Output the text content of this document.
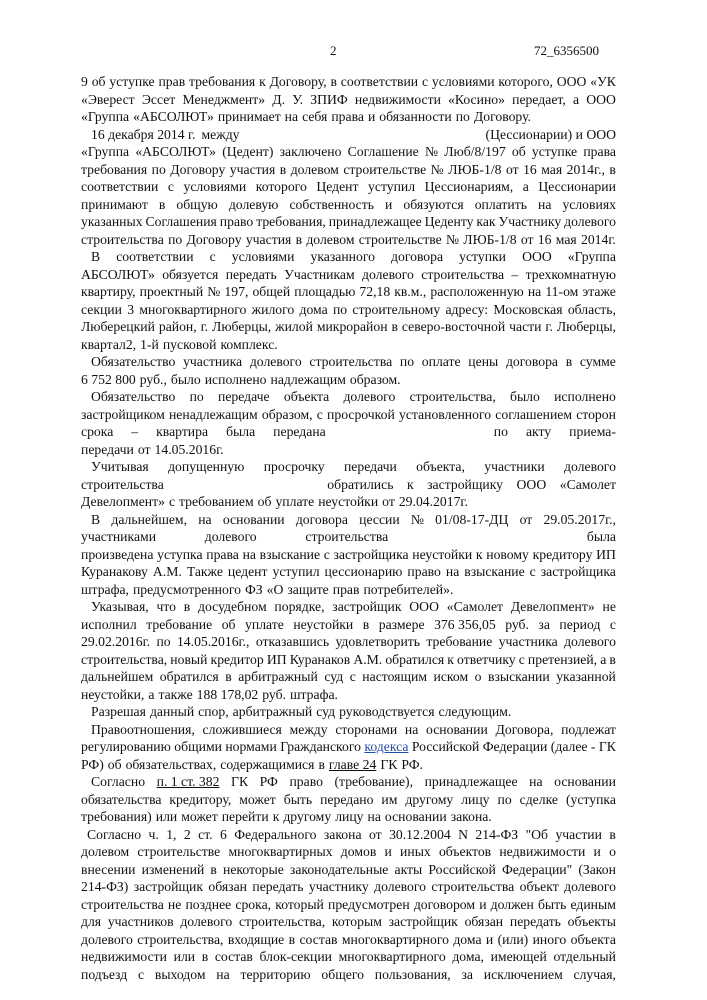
2	72_6356500
9 об уступке прав требования к Договору, в соответствии с условиями которого, ООО «УК
«Эверест Эссет Менеджмент» Д. У. ЗПИФ недвижимости «Косино» передает, а ООО
«Группа «АБСОЛЮТ» принимает на себя права и обязанности по Договору.
16 декабря 2014 г. между	(Цессионарии) и ООО
«Группа «АБСОЛЮТ» (Цедент) заключено Соглашение № Люб/8/197 об уступке права
требования по Договору участия в долевом строительстве № ЛЮБ-1/8 от 16 мая 2014г., в
соответствии с условиями которого Цедент уступил Цессионариям, а Цессионарии
принимают в общую долевую собственность и обязуются оплатить на условиях
указанных Соглашения право требования, принадлежащее Цеденту как Участнику долевого
строительства по Договору участия в долевом строительстве № ЛЮБ-1/8 от 16 мая 2014г.
В соответствии с условиями указанного договора уступки ООО «Группа
АБСОЛЮТ» обязуется передать Участникам долевого строительства – трехкомнатную
квартиру, проектный № 197, общей площадью 72,18 кв.м., расположенную на 11-ом этаже
секции 3 многоквартирного жилого дома по строительному адресу: Московская область,
Люберецкий район, г. Люберцы, жилой микрорайон в северо-восточной части г. Люберцы,
квартал2, 1-й пусковой комплекс.
Обязательство участника долевого строительства по оплате цены договора в сумме
6 752 800 руб., было исполнено надлежащим образом.
Обязательство по передаче объекта долевого строительства, было исполнено
застройщиком ненадлежащим образом, с просрочкой установленного соглашением сторон
срока – квартира была передана	по акту приема-
передачи от 14.05.2016г.
Учитывая допущенную просрочку передачи объекта, участники долевого
строительства	обратились к застройщику ООО «Самолет
Девелопмент» с требованием об уплате неустойки от 29.04.2017г.
В дальнейшем, на основании договора цессии № 01/08-17-ДЦ от 29.05.2017г.,
участниками	долевого	строительства	была
произведена уступка права на взыскание с застройщика неустойки к новому кредитору ИП
Куранакову А.М. Также цедент уступил цессионарию право на взыскание с застройщика
штрафа, предусмотренного ФЗ «О защите прав потребителей».
Указывая, что в досудебном порядке, застройщик ООО «Самолет Девелопмент» не
исполнил требование об уплате неустойки в размере 376 356,05 руб. за период с
29.02.2016г. по 14.05.2016г., отказавшись удовлетворить требование участника долевого
строительства, новый кредитор ИП Куранаков А.М. обратился к ответчику с претензией, а в
дальнейшем обратился в арбитражный суд с настоящим иском о взыскании указанной
неустойки, а также 188 178,02 руб. штрафа.
Разрешая данный спор, арбитражный суд руководствуется следующим.
Правоотношения, сложившиеся между сторонами на основании Договора, подлежат
регулированию общими нормами Гражданского кодекса Российской Федерации (далее - ГК
РФ) об обязательствах, содержащимися в главе 24 ГК РФ.
Согласно п. 1 ст. 382 ГК РФ право (требование), принадлежащее на основании
обязательства кредитору, может быть передано им другому лицу по сделке (уступка
требования) или может перейти к другому лицу на основании закона.
Согласно ч. 1, 2 ст. 6 Федерального закона от 30.12.2004 N 214-ФЗ "Об участии в
долевом строительстве многоквартирных домов и иных объектов недвижимости и о
внесении изменений в некоторые законодательные акты Российской Федерации" (Закон
214-ФЗ) застройщик обязан передать участнику долевого строительства объект долевого
строительства не позднее срока, который предусмотрен договором и должен быть единым
для участников долевого строительства, которым застройщик обязан передать объекты
долевого строительства, входящие в состав многоквартирного дома и (или) иного объекта
недвижимости или в состав блок-секции многоквартирного дома, имеющей отдельный
подъезд с выходом на территорию общего пользования, за исключением случая,
